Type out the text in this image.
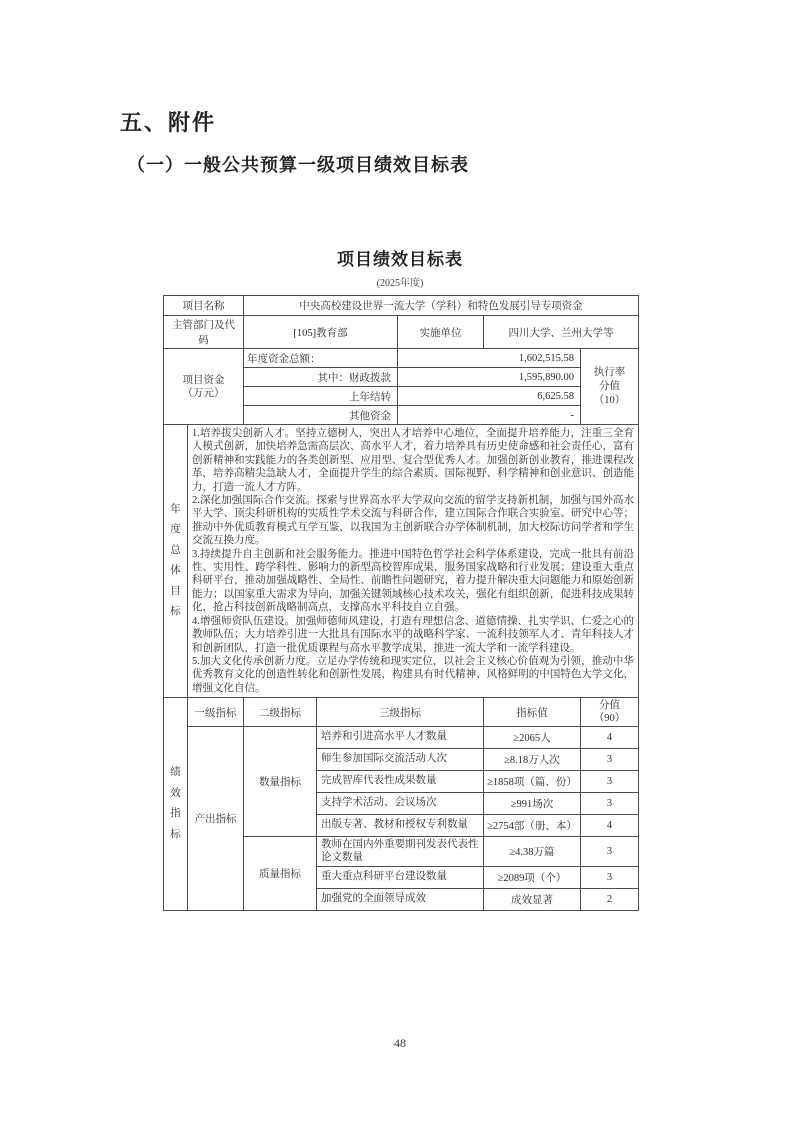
五、附件
（一）一般公共预算一级项目绩效目标表
项目绩效目标表
(2025年度)
项目名称	中央高校建设世界一流大学（学科）和特色发展引导专项资金			
主管部门及代码	[105]教育部	实施单位	四川大学、兰州大学等	

项目资金
（万元）	年度资金总额：	1,602,515.58		执行率
分值
（10）

	其中：财政拨款	1,595,890.00		
	上年结转	6,625.58		
	其他资金	-		
年度总体目标

1.培养拔尖创新人才。坚持立德树人，突出人才培养中心地位，全面提升培养能力，注重三全育人模式创新，加快培养急需高层次、高水平人才，着力培养具有历史使命感和社会责任心，富有创新精神和实践能力的各类创新型、应用型、复合型优秀人才。加强创新创业教育，推进课程改革，培养高精尖急缺人才，全面提升学生的综合素质、国际视野、科学精神和创业意识、创造能力，打造一流人才方阵。
2.深化加强国际合作交流。探索与世界高水平大学双向交流的留学支持新机制，加强与国外高水平大学、顶尖科研机构的实质性学术交流与科研合作，建立国际合作联合实验室、研究中心等；推动中外优质教育模式互学互鉴，以我国为主创新联合办学体制机制，加大校际访问学者和学生交流互换力度。
3.持续提升自主创新和社会服务能力。推进中国特色哲学社会科学体系建设，完成一批具有前沿性、实用性、跨学科性、影响力的新型高校智库成果，服务国家战略和行业发展；建设重大重点科研平台，推动加强战略性、全局性、前瞻性问题研究，着力提升解决重大问题能力和原始创新能力；以国家重大需求为导向，加强关键领域核心技术攻关，强化有组织创新，促进科技成果转化，抢占科技创新战略制高点，支撑高水平科技自立自强。
4.增强师资队伍建设。加强师德师风建设，打造有理想信念、道德情操、扎实学识、仁爱之心的教师队伍；大力培养引进一大批具有国际水平的战略科学家、一流科技领军人才、青年科技人才和创新团队，打造一批优质课程与高水平教学成果，推进一流大学和一流学科建设。
5.加大文化传承创新力度。立足办学传统和现实定位，以社会主义核心价值观为引领，推动中华优秀教育文化的创造性转化和创新性发展，构建具有时代精神、风格鲜明的中国特色大学文化，增强文化自信。
绩效指标	一级指标	二级指标	三级指标	指标值	分值
（90）

	产出指标	数量指标	培养和引进高水平人才数量	≥2065人	4
			师生参加国际交流活动人次	≥8.18万人次	3
			完成智库代表性成果数量	≥1858项（篇、份）	3
			支持学术活动、会议场次	≥991场次	3
			出版专著、教材和授权专利数量	≥2754部（册、本）	4
		质量指标	教师在国内外重要期刊发表代表性论文数量	≥4.38万篇	3
			重大重点科研平台建设数量	≥2089项（个）	3
			加强党的全面领导成效	成效显著	2
48
